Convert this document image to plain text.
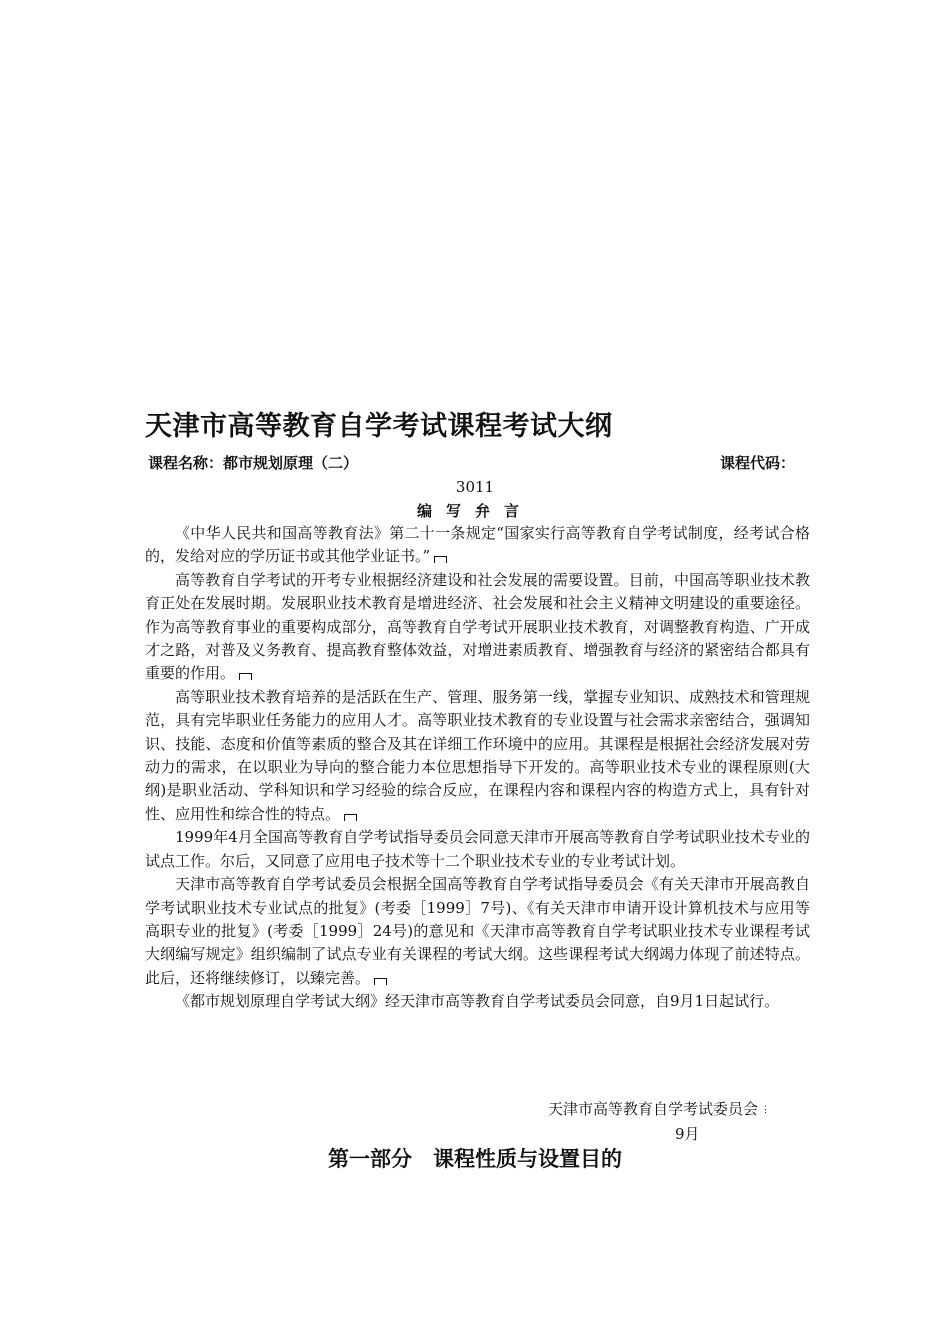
天津市高等教育自学考试课程考试大纲
课程名称：都市规划原理（二）	课程代码：
3011
编写弁言

《中华人民共和国高等教育法》第二十一条规定“国家实行高等教育自学考试制度，经考试合格的，发给对应的学历证书或其他学业证书。”

高等教育自学考试的开考专业根据经济建设和社会发展的需要设置。目前，中国高等职业技术教育正处在发展时期。发展职业技术教育是增进经济、社会发展和社会主义精神文明建设的重要途径。作为高等教育事业的重要构成部分，高等教育自学考试开展职业技术教育，对调整教育构造、广开成才之路，对普及义务教育、提高教育整体效益，对增进素质教育、增强教育与经济的紧密结合都具有重要的作用。

高等职业技术教育培养的是活跃在生产、管理、服务第一线，掌握专业知识、成熟技术和管理规范，具有完毕职业任务能力的应用人才。高等职业技术教育的专业设置与社会需求亲密结合，强调知识、技能、态度和价值等素质的整合及其在详细工作环境中的应用。其课程是根据社会经济发展对劳动力的需求，在以职业为导向的整合能力本位思想指导下开发的。高等职业技术专业的课程原则(大纲)是职业活动、学科知识和学习经验的综合反应，在课程内容和课程内容的构造方式上，具有针对性、应用性和综合性的特点。

1999年4月全国高等教育自学考试指导委员会同意天津市开展高等教育自学考试职业技术专业的试点工作。尔后，又同意了应用电子技术等十二个职业技术专业的专业考试计划。

天津市高等教育自学考试委员会根据全国高等教育自学考试指导委员会《有关天津市开展高教自学考试职业技术专业试点的批复》(考委［1999］7号)、《有关天津市申请开设计算机技术与应用等高职专业的批复》(考委［1999］24号)的意见和《天津市高等教育自学考试职业技术专业课程考试大纲编写规定》组织编制了试点专业有关课程的考试大纲。这些课程考试大纲竭力体现了前述特点。此后，还将继续修订，以臻完善。

《都市规划原理自学考试大纲》经天津市高等教育自学考试委员会同意，自9月1日起试行。

天津市高等教育自学考试委员会 ⋮
9月
第一部分　课程性质与设置目的
